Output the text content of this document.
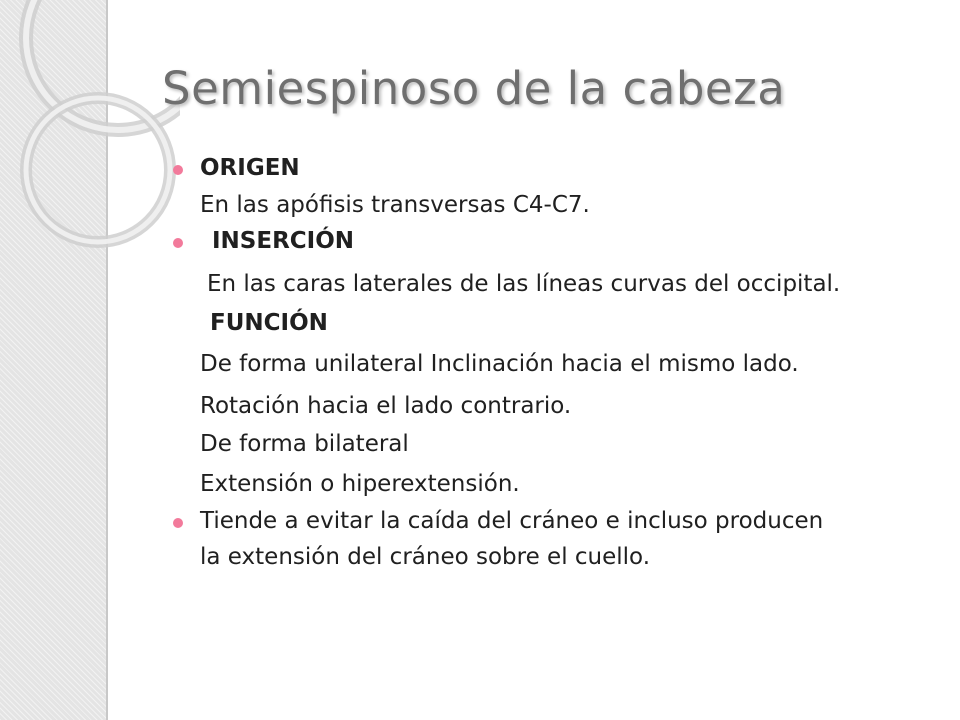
Semiespinoso de la cabeza

ORIGEN

En las apófisis transversas C4-C7.

INSERCIÓN

En las caras laterales de las líneas curvas del occipital.

FUNCIÓN

De forma unilateral Inclinación hacia el mismo lado.

Rotación hacia el lado contrario.

De forma bilateral

Extensión o hiperextensión.

Tiende a evitar la caída del cráneo e incluso producen

la extensión del cráneo sobre el cuello.
